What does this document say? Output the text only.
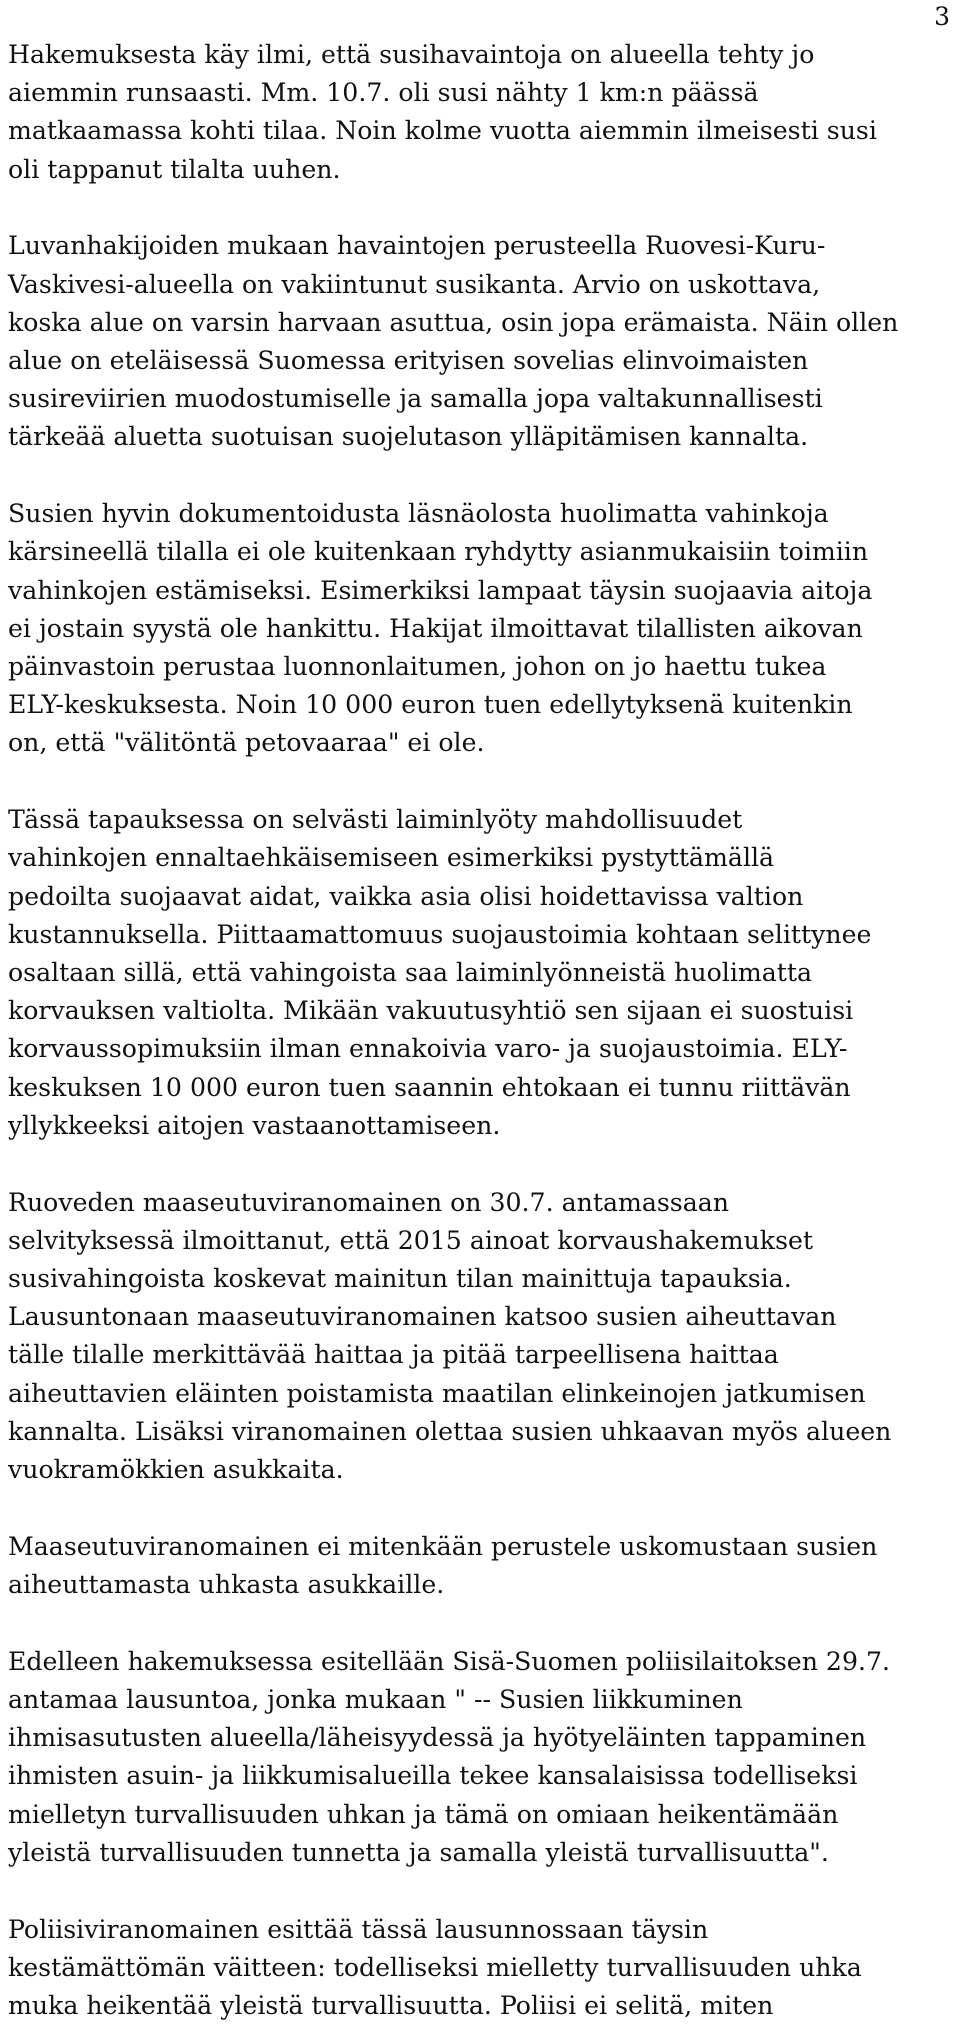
3
Hakemuksesta käy ilmi, että susihavaintoja on alueella tehty jo
aiemmin runsaasti. Mm. 10.7. oli susi nähty 1 km:n päässä
matkaamassa kohti tilaa. Noin kolme vuotta aiemmin ilmeisesti susi
oli tappanut tilalta uuhen.
Luvanhakijoiden mukaan havaintojen perusteella Ruovesi-Kuru-
Vaskivesi-alueella on vakiintunut susikanta. Arvio on uskottava,
koska alue on varsin harvaan asuttua, osin jopa erämaista. Näin ollen
alue on eteläisessä Suomessa erityisen sovelias elinvoimaisten
susireviirien muodostumiselle ja samalla jopa valtakunnallisesti
tärkeää aluetta suotuisan suojelutason ylläpitämisen kannalta.
Susien hyvin dokumentoidusta läsnäolosta huolimatta vahinkoja
kärsineellä tilalla ei ole kuitenkaan ryhdytty asianmukaisiin toimiin
vahinkojen estämiseksi. Esimerkiksi lampaat täysin suojaavia aitoja
ei jostain syystä ole hankittu. Hakijat ilmoittavat tilallisten aikovan
päinvastoin perustaa luonnonlaitumen, johon on jo haettu tukea
ELY-keskuksesta. Noin 10 000 euron tuen edellytyksenä kuitenkin
on, että "välitöntä petovaaraa" ei ole.
Tässä tapauksessa on selvästi laiminlyöty mahdollisuudet
vahinkojen ennaltaehkäisemiseen esimerkiksi pystyttämällä
pedoilta suojaavat aidat, vaikka asia olisi hoidettavissa valtion
kustannuksella. Piittaamattomuus suojaustoimia kohtaan selittynee
osaltaan sillä, että vahingoista saa laiminlyönneistä huolimatta
korvauksen valtiolta. Mikään vakuutusyhtiö sen sijaan ei suostuisi
korvaussopimuksiin ilman ennakoivia varo- ja suojaustoimia. ELY-
keskuksen 10 000 euron tuen saannin ehtokaan ei tunnu riittävän
yllykkeeksi aitojen vastaanottamiseen.
Ruoveden maaseutuviranomainen on 30.7. antamassaan
selvityksessä ilmoittanut, että 2015 ainoat korvaushakemukset
susivahingoista koskevat mainitun tilan mainittuja tapauksia.
Lausuntonaan maaseutuviranomainen katsoo susien aiheuttavan
tälle tilalle merkittävää haittaa ja pitää tarpeellisena haittaa
aiheuttavien eläinten poistamista maatilan elinkeinojen jatkumisen
kannalta. Lisäksi viranomainen olettaa susien uhkaavan myös alueen
vuokramökkien asukkaita.
Maaseutuviranomainen ei mitenkään perustele uskomustaan susien
aiheuttamasta uhkasta asukkaille.
Edelleen hakemuksessa esitellään Sisä-Suomen poliisilaitoksen 29.7.
antamaa lausuntoa, jonka mukaan " -- Susien liikkuminen
ihmisasutusten alueella/läheisyydessä ja hyötyeläinten tappaminen
ihmisten asuin- ja liikkumisalueilla tekee kansalaisissa todelliseksi
mielletyn turvallisuuden uhkan ja tämä on omiaan heikentämään
yleistä turvallisuuden tunnetta ja samalla yleistä turvallisuutta".
Poliisiviranomainen esittää tässä lausunnossaan täysin
kestämättömän väitteen: todelliseksi mielletty turvallisuuden uhka
muka heikentää yleistä turvallisuutta. Poliisi ei selitä, miten
